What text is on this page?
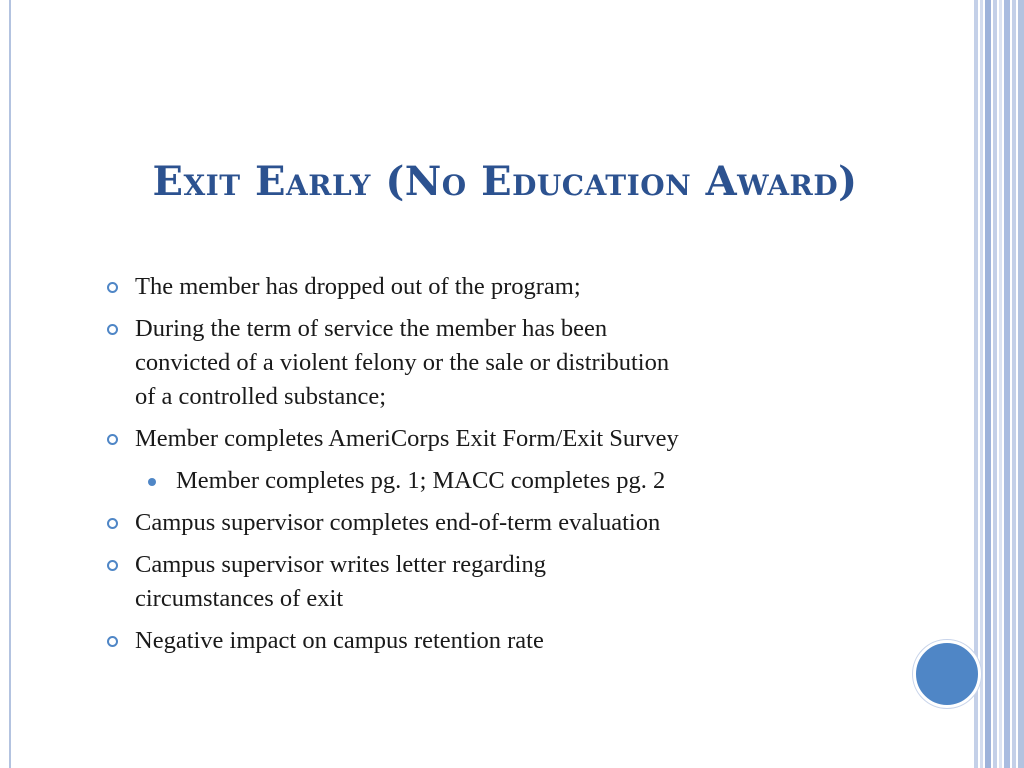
Exit Early (No Education Award)
The member has dropped out of the program;
During the term of service the member has been
convicted of a violent felony or the sale or distribution
of a controlled substance;
Member completes AmeriCorps Exit Form/Exit Survey
Member completes pg. 1; MACC completes pg. 2
Campus supervisor completes end-of-term evaluation
Campus supervisor writes letter regarding
circumstances of exit
Negative impact on campus retention rate
